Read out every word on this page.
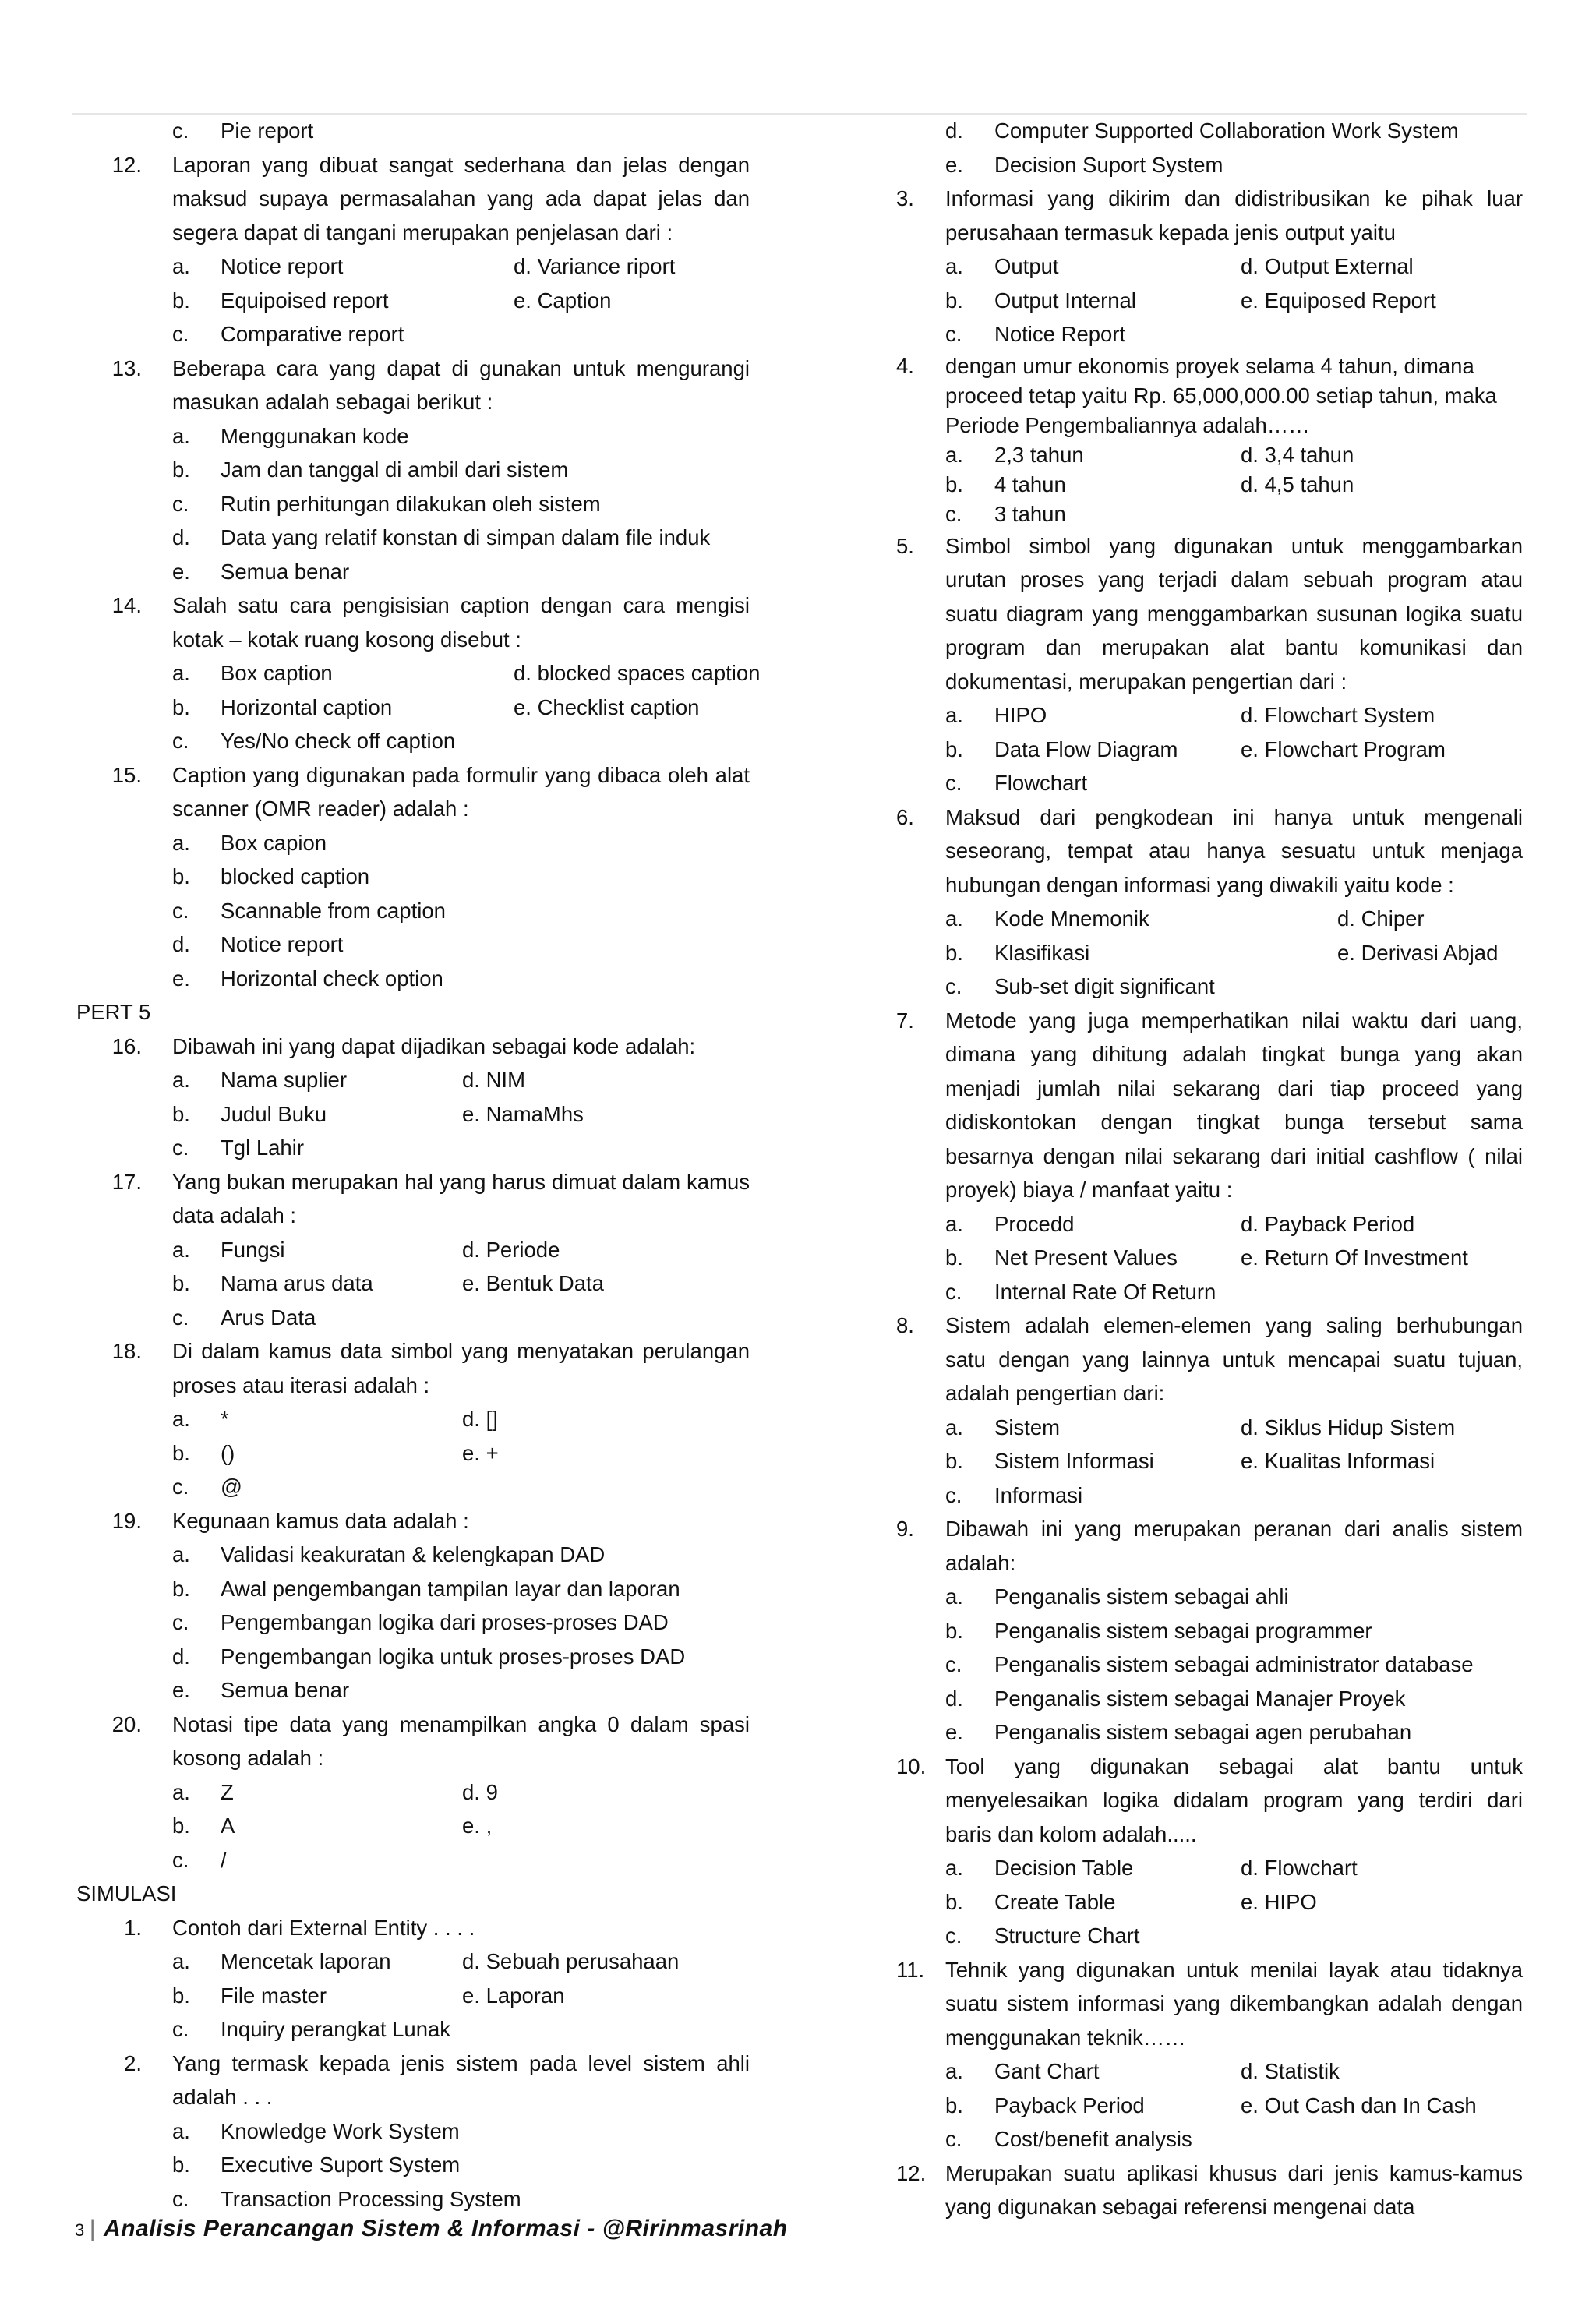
c. Pie report
12. Laporan yang dibuat sangat sederhana dan jelas dengan maksud supaya permasalahan yang ada dapat jelas dan segera dapat di tangani merupakan penjelasan dari :
a. Notice report	d. Variance riport
b. Equipoised report	e. Caption
c. Comparative report
13. Beberapa cara yang dapat di gunakan untuk mengurangi masukan adalah sebagai berikut :
a. Menggunakan kode
b. Jam dan tanggal di ambil dari sistem
c. Rutin perhitungan dilakukan oleh sistem
d. Data yang relatif konstan di simpan dalam file induk
e. Semua benar
14. Salah satu cara pengisisian caption dengan cara mengisi kotak – kotak ruang kosong disebut :
a. Box caption	d. blocked spaces caption
b. Horizontal caption	e. Checklist caption
c. Yes/No check off caption
15. Caption yang digunakan pada formulir yang dibaca oleh alat scanner (OMR reader) adalah :
a. Box capion
b. blocked caption
c. Scannable from caption
d. Notice report
e. Horizontal check option
PERT 5
16. Dibawah ini yang dapat dijadikan sebagai kode adalah:
a. Nama suplier	d. NIM
b. Judul Buku	e. NamaMhs
c. Tgl Lahir
17. Yang bukan merupakan hal yang harus dimuat dalam kamus data adalah :
a. Fungsi	d. Periode
b. Nama arus data	e. Bentuk Data
c. Arus Data
18. Di dalam kamus data simbol yang menyatakan perulangan proses atau iterasi adalah :
a. *	d. []
b. ()	e. +
c. @
19. Kegunaan kamus data adalah :
a. Validasi keakuratan & kelengkapan DAD
b. Awal pengembangan tampilan layar dan laporan
c. Pengembangan logika dari proses-proses DAD
d. Pengembangan logika untuk proses-proses DAD
e. Semua benar
20. Notasi tipe data yang menampilkan angka 0 dalam spasi kosong adalah :
a. Z	d. 9
b. A	e. ,
c. /
SIMULASI
1. Contoh dari External Entity . . . .
a. Mencetak laporan	d. Sebuah perusahaan
b. File master	e. Laporan
c. Inquiry perangkat Lunak
2. Yang termask kepada jenis sistem pada level sistem ahli adalah . . .
a. Knowledge Work System
b. Executive Suport System
c. Transaction Processing System
d. Computer Supported Collaboration Work System
e. Decision Suport System
3.	Informasi yang dikirim dan didistribusikan ke pihak luar perusahaan termasuk kepada jenis output yaitu
a. Output	d. Output External
b. Output Internal	e. Equiposed Report
c. Notice Report
4.	dengan umur ekonomis proyek selama 4 tahun, dimana proceed tetap yaitu Rp. 65,000,000.00 setiap tahun, maka Periode Pengembaliannya adalah……
a. 2,3 tahun	d. 3,4 tahun
b. 4 tahun	d. 4,5 tahun
c. 3 tahun
5.	Simbol simbol yang digunakan untuk menggambarkan urutan proses yang terjadi dalam sebuah program atau suatu diagram yang menggambarkan susunan logika suatu program dan merupakan alat bantu komunikasi dan dokumentasi, merupakan pengertian dari :
a. HIPO	d. Flowchart System
b. Data Flow Diagram	e. Flowchart Program
c. Flowchart
6.	Maksud dari pengkodean ini hanya untuk mengenali seseorang, tempat atau hanya sesuatu untuk menjaga hubungan dengan informasi yang diwakili yaitu kode :
a. Kode Mnemonik	d. Chiper
b. Klasifikasi	e. Derivasi Abjad
c. Sub-set digit significant
7.	Metode yang juga memperhatikan nilai waktu dari uang, dimana yang dihitung adalah tingkat bunga yang akan menjadi jumlah nilai sekarang dari tiap proceed yang didiskontokan dengan tingkat bunga tersebut sama besarnya dengan nilai sekarang dari initial cashflow ( nilai proyek) biaya / manfaat yaitu :
a. Procedd	d. Payback Period
b. Net Present Values	e. Return Of Investment
c. Internal Rate Of Return
8.	Sistem adalah elemen-elemen yang saling berhubungan satu dengan yang lainnya untuk mencapai suatu tujuan, adalah pengertian dari:
a. Sistem	d. Siklus Hidup Sistem
b. Sistem Informasi	e. Kualitas Informasi
c. Informasi
9.	Dibawah ini yang merupakan peranan dari analis sistem adalah:
a. Penganalis sistem sebagai ahli
b. Penganalis sistem sebagai programmer
c. Penganalis sistem sebagai administrator database
d. Penganalis sistem sebagai Manajer Proyek
e. Penganalis sistem sebagai agen perubahan
10. Tool yang digunakan sebagai alat bantu untuk menyelesaikan logika didalam program yang terdiri dari baris dan kolom adalah.....
a. Decision Table	d. Flowchart
b. Create Table	e. HIPO
c. Structure Chart
11. Tehnik yang digunakan untuk menilai layak atau tidaknya suatu sistem informasi yang dikembangkan adalah dengan menggunakan teknik……
a. Gant Chart	d. Statistik
b. Payback Period	e. Out Cash dan In Cash
c. Cost/benefit analysis
12. Merupakan suatu aplikasi khusus dari jenis kamus-kamus yang digunakan sebagai referensi mengenai data
3 | Analisis Perancangan Sistem & Informasi - @Ririnmasrinah
